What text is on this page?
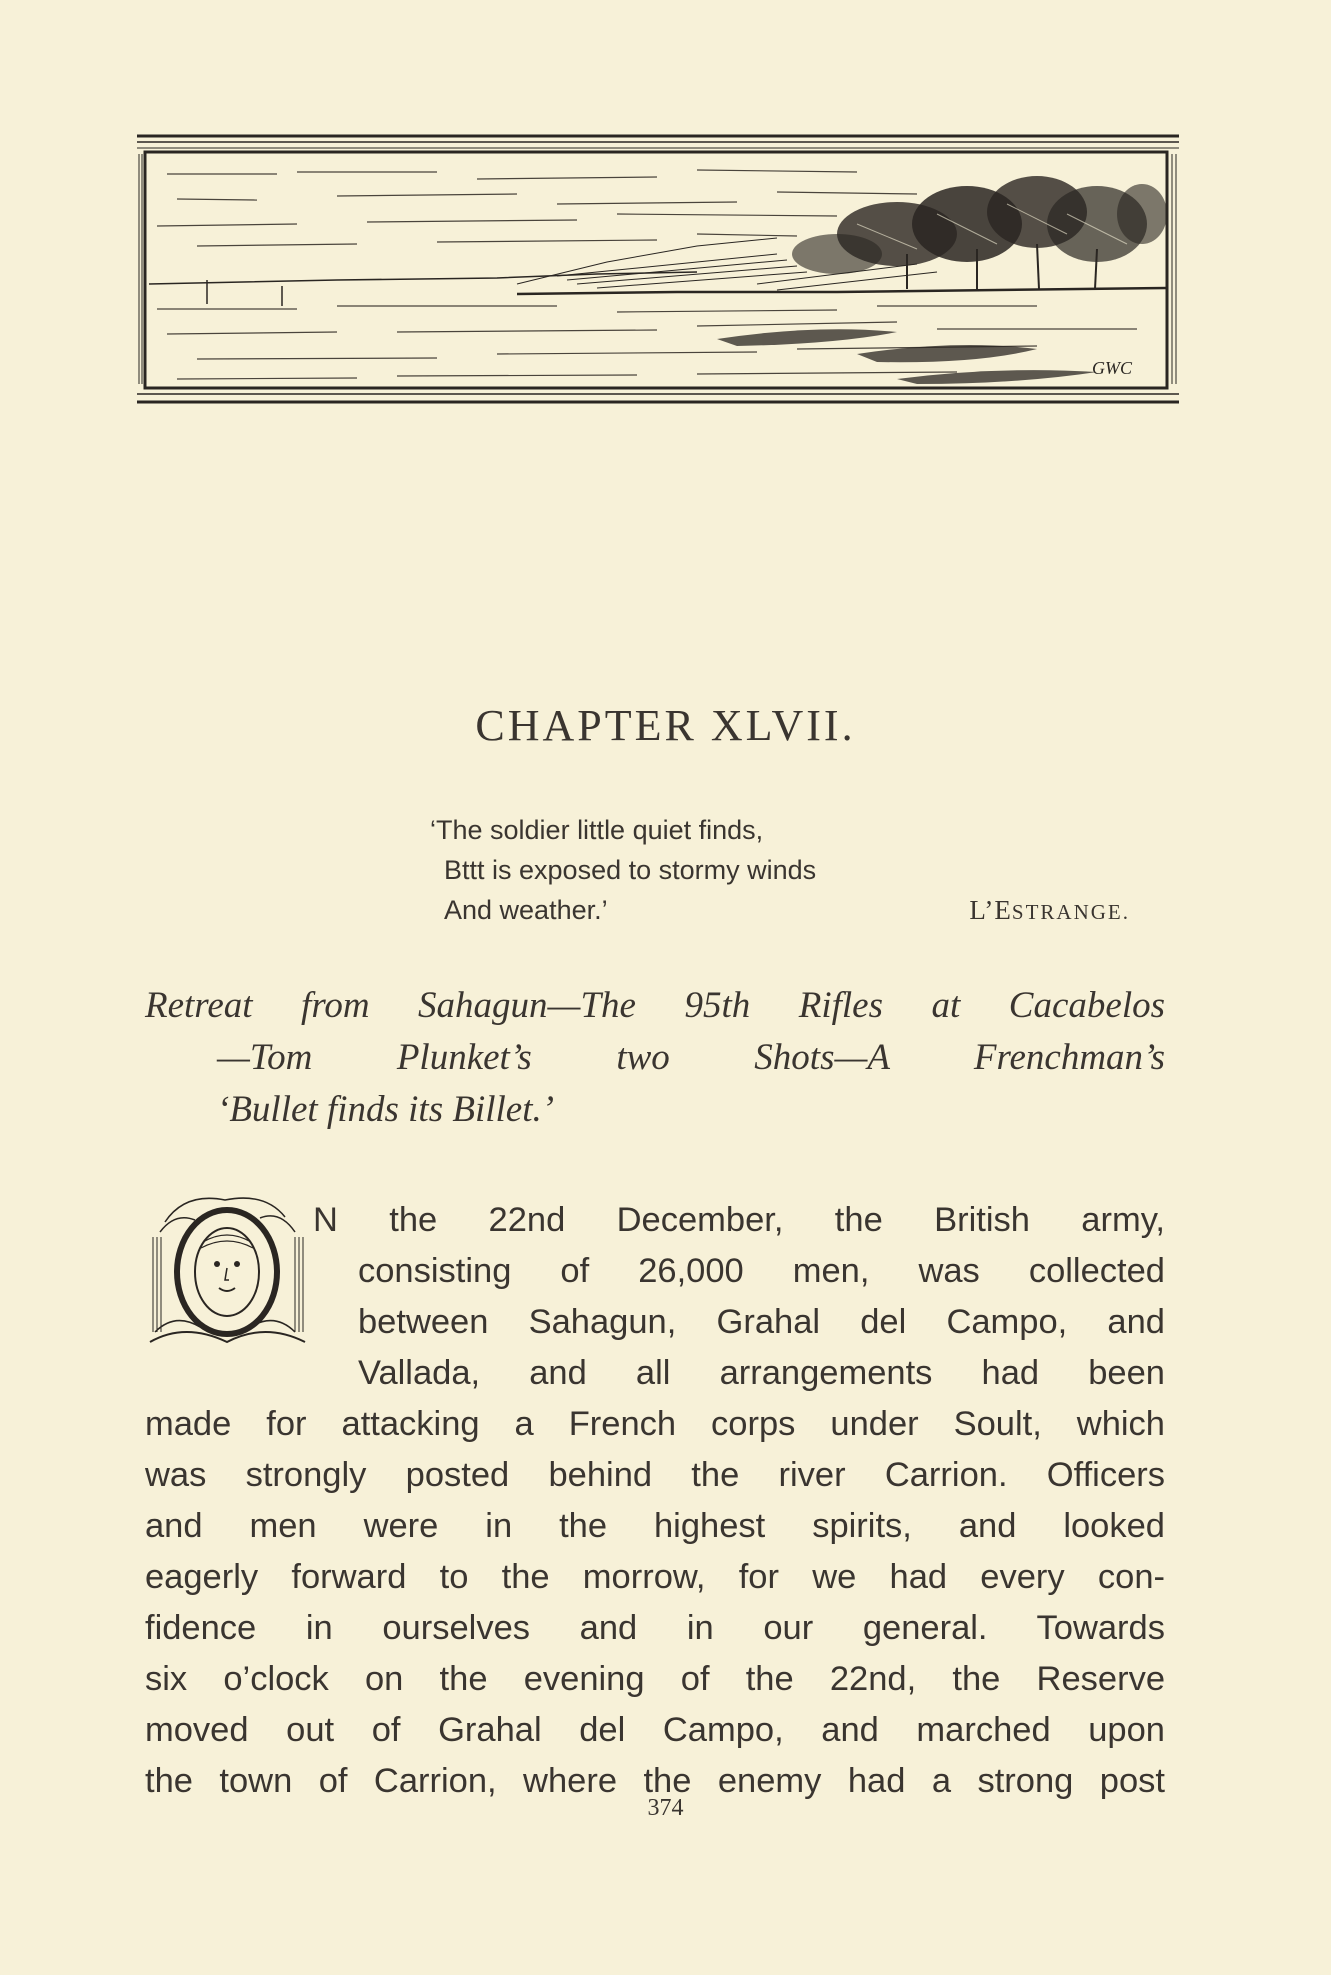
GWC
CHAPTER XLVII.
‘The soldier little quiet finds,
Bttt is exposed to stormy winds
And weather.’	L’ESTRANGE.
Retreat from Sahagun—The 95th Rifles at Cacabelos
—Tom Plunket’s two Shots—A Frenchman’s
‘Bullet finds its Billet.’
O
N the 22nd December, the British army,
consisting of 26,000 men, was collected
between Sahagun, Grahal del Campo, and
Vallada, and all arrangements had been
made for attacking a French corps under Soult, which
was strongly posted behind the river Carrion. Officers
and men were in the highest spirits, and looked
eagerly forward to the morrow, for we had every con-
fidence in ourselves and in our general. Towards
six o’clock on the evening of the 22nd, the Reserve
moved out of Grahal del Campo, and marched upon
the town of Carrion, where the enemy had a strong post
374
